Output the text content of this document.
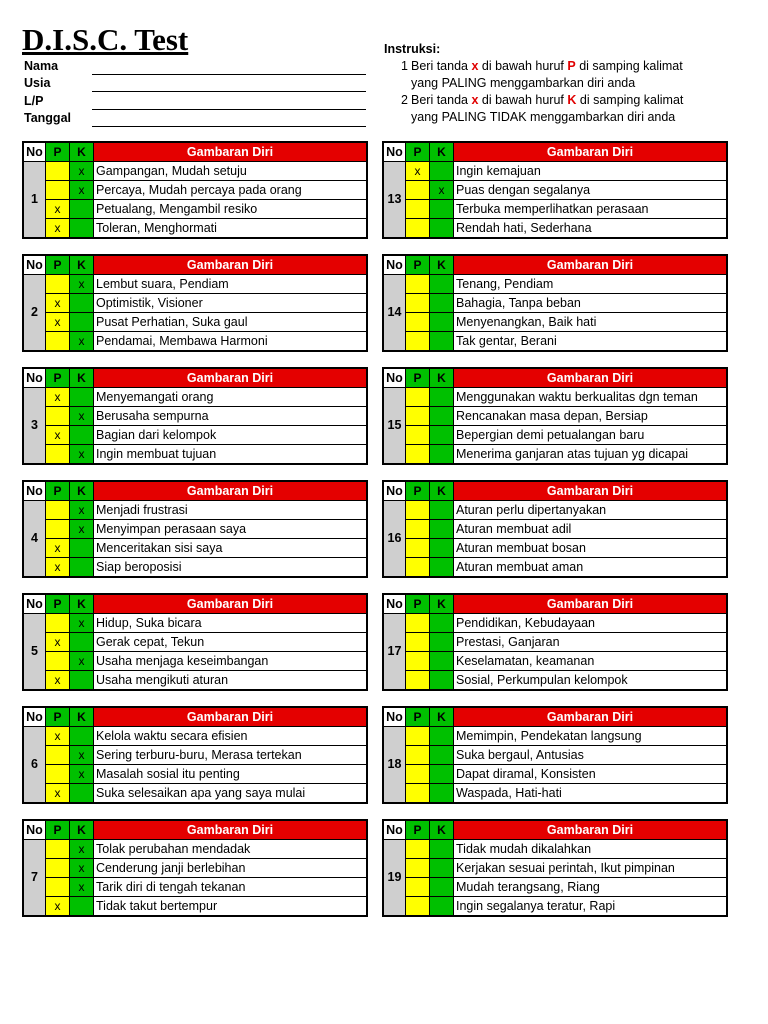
D.I.S.C. Test
Nama
Usia
L/P
Tanggal
Instruksi:
1 Beri tanda x di bawah huruf P di samping kalimat
yang PALING menggambarkan diri anda
2 Beri tanda x di bawah huruf K di samping kalimat
yang PALING TIDAK menggambarkan diri anda
No	P	K	Gambaran Diri
1		x	Gampangan, Mudah setuju
		x	Percaya, Mudah percaya pada orang
	x		Petualang, Mengambil resiko
	x		Toleran, Menghormati
No	P	K	Gambaran Diri
2		x	Lembut suara, Pendiam
	x		Optimistik, Visioner
	x		Pusat Perhatian, Suka gaul
		x	Pendamai, Membawa Harmoni
No	P	K	Gambaran Diri
3	x		Menyemangati orang
		x	Berusaha sempurna
	x		Bagian dari kelompok
		x	Ingin membuat tujuan
No	P	K	Gambaran Diri
4		x	Menjadi frustrasi
		x	Menyimpan perasaan saya
	x		Menceritakan sisi saya
	x		Siap beroposisi
No	P	K	Gambaran Diri
5		x	Hidup, Suka bicara
	x		Gerak cepat, Tekun
		x	Usaha menjaga keseimbangan
	x		Usaha mengikuti aturan
No	P	K	Gambaran Diri
6	x		Kelola waktu secara efisien
		x	Sering terburu-buru, Merasa tertekan
		x	Masalah sosial itu penting
	x		Suka selesaikan apa yang saya mulai
No	P	K	Gambaran Diri
7		x	Tolak perubahan mendadak
		x	Cenderung janji berlebihan
		x	Tarik diri di tengah tekanan
	x		Tidak takut bertempur
No	P	K	Gambaran Diri
13	x		Ingin kemajuan
		x	Puas dengan segalanya
			Terbuka memperlihatkan perasaan
			Rendah hati, Sederhana
No	P	K	Gambaran Diri
14			Tenang, Pendiam
			Bahagia, Tanpa beban
			Menyenangkan, Baik hati
			Tak gentar, Berani
No	P	K	Gambaran Diri
15			Menggunakan waktu berkualitas dgn teman
			Rencanakan masa depan, Bersiap
			Bepergian demi petualangan baru
			Menerima ganjaran atas tujuan yg dicapai
No	P	K	Gambaran Diri
16			Aturan perlu dipertanyakan
			Aturan membuat adil
			Aturan membuat bosan
			Aturan membuat aman
No	P	K	Gambaran Diri
17			Pendidikan, Kebudayaan
			Prestasi, Ganjaran
			Keselamatan, keamanan
			Sosial, Perkumpulan kelompok
No	P	K	Gambaran Diri
18			Memimpin, Pendekatan langsung
			Suka bergaul, Antusias
			Dapat diramal, Konsisten
			Waspada, Hati-hati
No	P	K	Gambaran Diri
19			Tidak mudah dikalahkan
			Kerjakan sesuai perintah, Ikut pimpinan
			Mudah terangsang, Riang
			Ingin segalanya teratur, Rapi
